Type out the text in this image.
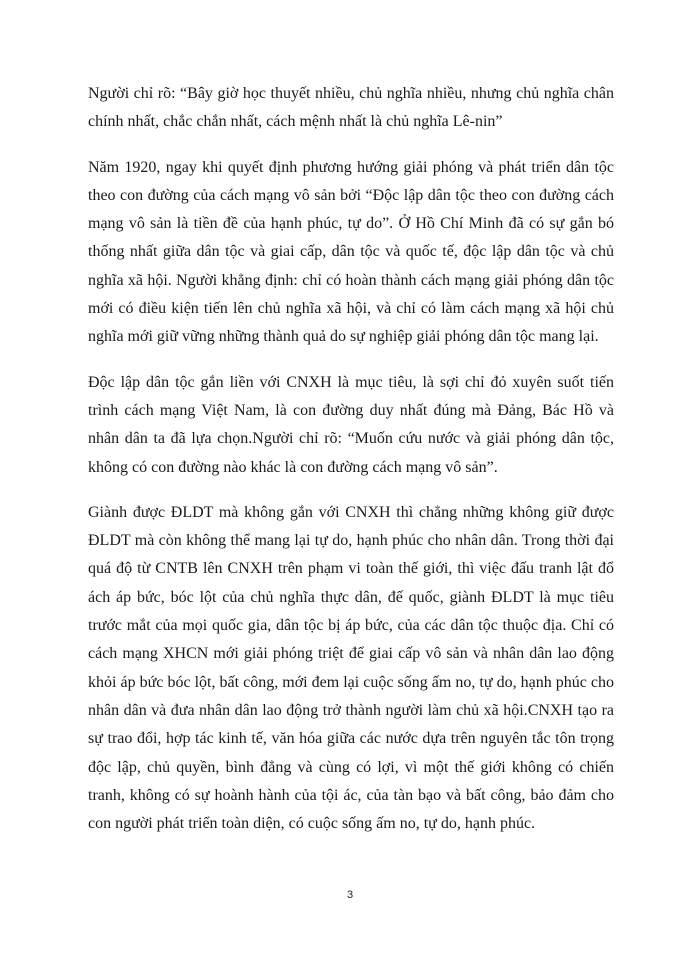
Người chỉ rõ: “Bây giờ học thuyết nhiều, chủ nghĩa nhiều, nhưng chủ nghĩa chân chính nhất, chắc chắn nhất, cách mệnh nhất là chủ nghĩa Lê-nin”

Năm 1920, ngay khi quyết định phương hướng giải phóng và phát triển dân tộc theo con đường của cách mạng vô sản bởi “Độc lập dân tộc theo con đường cách mạng vô sản là tiền đề của hạnh phúc, tự do”. Ở Hồ Chí Minh đã có sự gắn bó thống nhất giữa dân tộc và giai cấp, dân tộc và quốc tế, độc lập dân tộc và chủ nghĩa xã hội. Người khẳng định: chỉ có hoàn thành cách mạng giải phóng dân tộc mới có điều kiện tiến lên chủ nghĩa xã hội, và chỉ có làm cách mạng xã hội chủ nghĩa mới giữ vững những thành quả do sự nghiệp giải phóng dân tộc mang lại.

Độc lập dân tộc gắn liền với CNXH là mục tiêu, là sợi chỉ đỏ xuyên suốt tiến trình cách mạng Việt Nam, là con đường duy nhất đúng mà Đảng, Bác Hồ và nhân dân ta đã lựa chọn.Người chỉ rõ: “Muốn cứu nước và giải phóng dân tộc, không có con đường nào khác là con đường cách mạng vô sản”.

Giành được ĐLDT mà không gắn với CNXH thì chẳng những không giữ được ĐLDT mà còn không thể mang lại tự do, hạnh phúc cho nhân dân. Trong thời đại quá độ từ CNTB lên CNXH trên phạm vi toàn thế giới, thì việc đấu tranh lật đổ ách áp bức, bóc lột của chủ nghĩa thực dân, đế quốc, giành ĐLDT là mục tiêu trước mắt của mọi quốc gia, dân tộc bị áp bức, của các dân tộc thuộc địa. Chỉ có cách mạng XHCN mới giải phóng triệt để giai cấp vô sản và nhân dân lao động khỏi áp bức bóc lột, bất công, mới đem lại cuộc sống ấm no, tự do, hạnh phúc cho nhân dân và đưa nhân dân lao động trở thành người làm chủ xã hội.CNXH tạo ra sự trao đổi, hợp tác kinh tế, văn hóa giữa các nước dựa trên nguyên tắc tôn trọng độc lập, chủ quyền, bình đẳng và cùng có lợi, vì một thế giới không có chiến tranh, không có sự hoành hành của tội ác, của tàn bạo và bất công, bảo đảm cho con người phát triển toàn diện, có cuộc sống ấm no, tự do, hạnh phúc.

3
